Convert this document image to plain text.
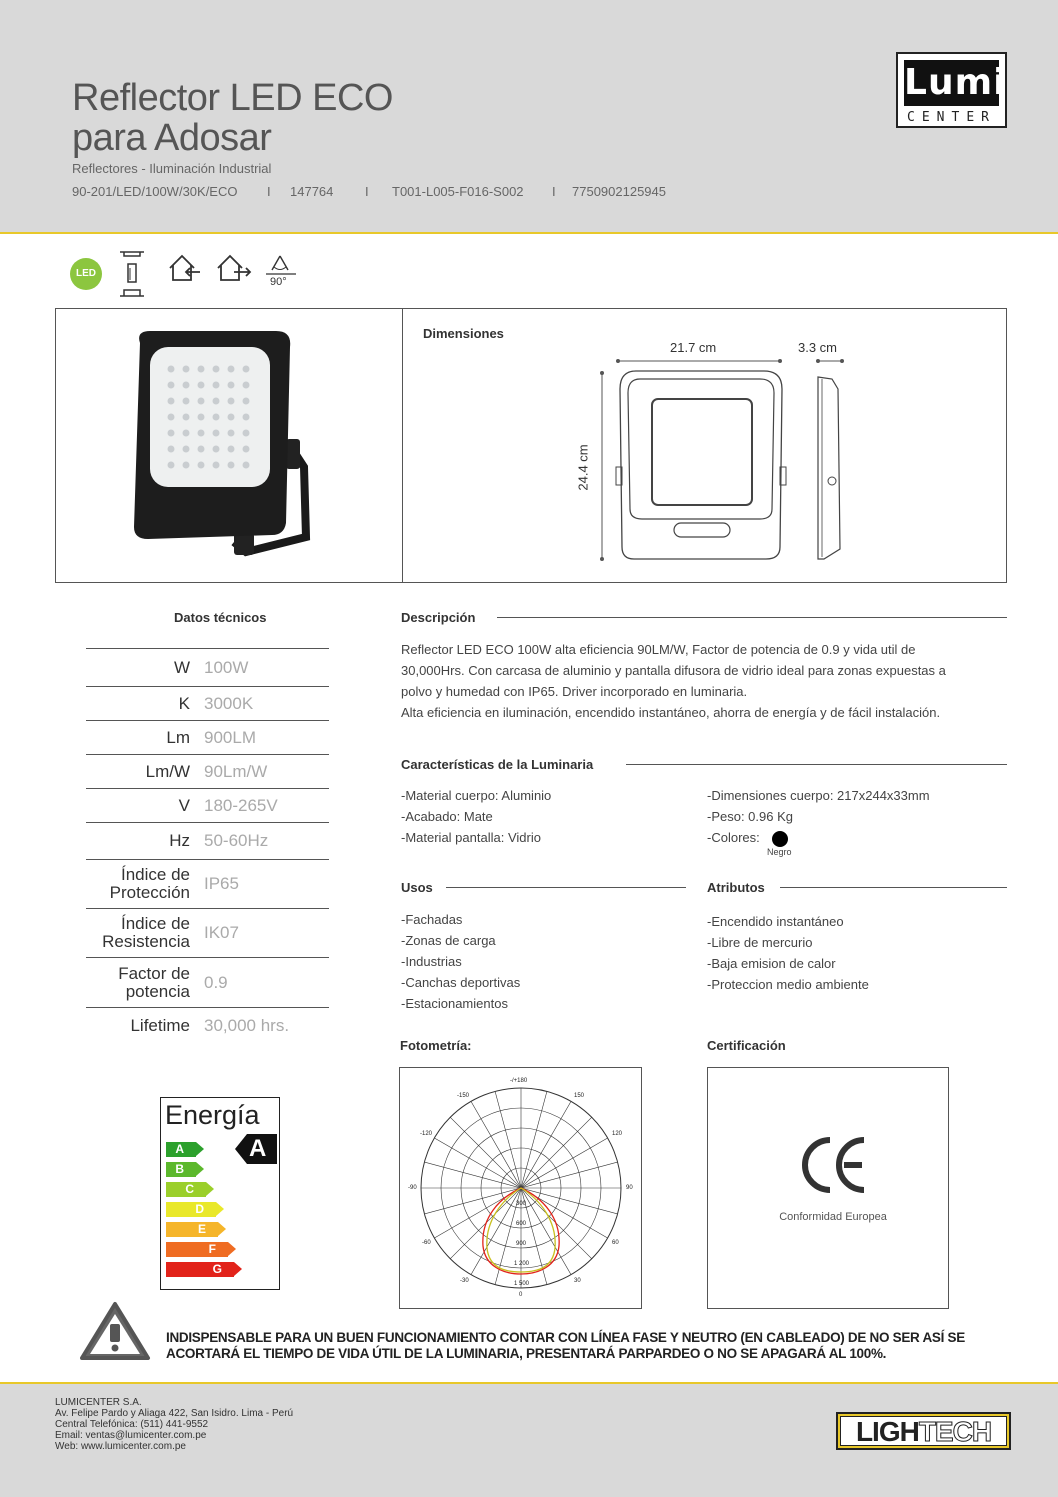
Reflector LED ECO
para Adosar
Reflectores - Iluminación Industrial
90-201/LED/100W/30K/ECO	I	147764	I	T001-L005-F016-S002	I	7750902125945
Lumi
CENTER
LED
90°
Dimensiones
21.7 cm	3.3 cm
24.4 cm
Datos técnicos
W 100W
K 3000K
Lm 900LM
Lm/W 90Lm/W
V 180-265V
Hz 50-60Hz
Índice de
Protección IP65
Índice de
Resistencia IK07
Factor de
potencia 0.9
Lifetime 30,000 hrs.
Descripción
Reflector LED ECO 100W alta eficiencia 90LM/W, Factor de potencia de 0.9 y vida util de
30,000Hrs. Con carcasa de aluminio y pantalla difusora de vidrio ideal para zonas expuestas a
polvo y humedad con IP65. Driver incorporado en luminaria.
Alta eficiencia en iluminación, encendido instantáneo, ahorra de energía y de fácil instalación.
Características de la Luminaria
-Material cuerpo: Aluminio
-Acabado: Mate
-Material pantalla: Vidrio
-Dimensiones cuerpo: 217x244x33mm
-Peso: 0.96 Kg
-Colores:
Negro
Usos
-Fachadas
-Zonas de carga
-Industrias
-Canchas deportivas
-Estacionamientos
Atributos
-Encendido instantáneo
-Libre de mercurio
-Baja emision de calor
-Proteccion medio ambiente
Energía
A
B
C
D
E
F
G
A
Fotometría:
-/+180
-150	150
-120	120
-90	90
-60	60
-30	30
0
300
600
900
1 200
1 500
Certificación
Conformidad Europea
INDISPENSABLE PARA UN BUEN FUNCIONAMIENTO CONTAR CON LÍNEA FASE Y NEUTRO (EN CABLEADO) DE NO SER ASÍ SE
ACORTARÁ EL TIEMPO DE VIDA ÚTIL DE LA LUMINARIA, PRESENTARÁ PARPARDEO O NO SE APAGARÁ AL 100%.
LUMICENTER S.A.
Av. Felipe Pardo y Aliaga 422, San Isidro. Lima - Perú
Central Telefónica: (511) 441-9552
Email: ventas@lumicenter.com.pe
Web: www.lumicenter.com.pe	LIGHTECH
